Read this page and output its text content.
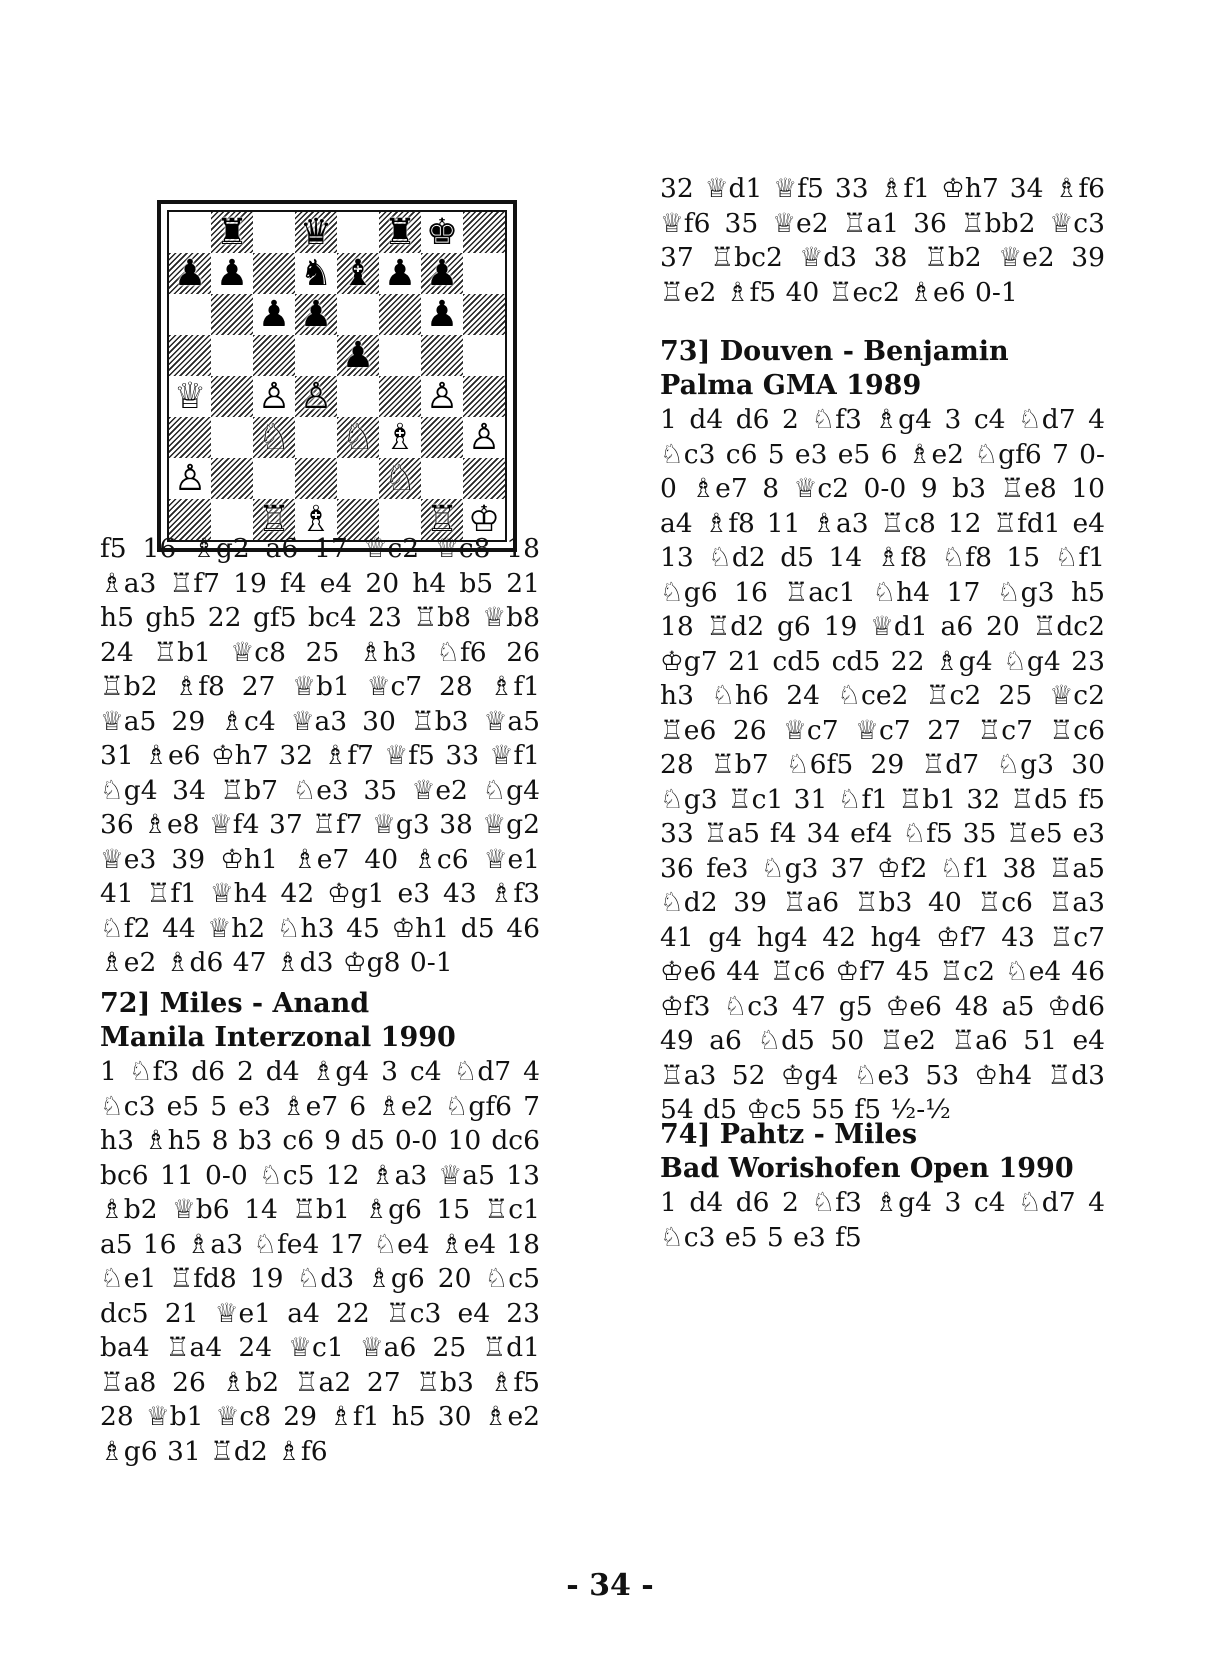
♜ ♛ ♜ ♚
♟ ♟ ♞ ♝ ♟ ♟
♟ ♟	♟
♟
♕ ♙ ♙	♙
♘ ♘ ♗ ♙
♙	♘
♖ ♗	♖ ♔

f5 16 ♗g2 a6 17 ♕c2 ♕c8 18 ♗a3 ♖f7 19 f4 e4 20 h4 b5 21 h5 gh5 22 gf5 bc4 23 ♖b8 ♕b8 24 ♖b1 ♕c8 25 ♗h3 ♘f6 26 ♖b2 ♗f8 27 ♕b1 ♕c7 28 ♗f1 ♕a5 29 ♗c4 ♕a3 30 ♖b3 ♕a5 31 ♗e6 ♔h7 32 ♗f7 ♕f5 33 ♕f1 ♘g4 34 ♖b7 ♘e3 35 ♕e2 ♘g4 36 ♗e8 ♕f4 37 ♖f7 ♕g3 38 ♕g2 ♕e3 39 ♔h1 ♗e7 40 ♗c6 ♕e1 41 ♖f1 ♕h4 42 ♔g1 e3 43 ♗f3 ♘f2 44 ♕h2 ♘h3 45 ♔h1 d5 46 ♗e2 ♗d6 47 ♗d3 ♔g8 0-1

72] Miles - Anand

Manila Interzonal 1990

1 ♘f3 d6 2 d4 ♗g4 3 c4 ♘d7 4 ♘c3 e5 5 e3 ♗e7 6 ♗e2 ♘gf6 7 h3 ♗h5 8 b3 c6 9 d5 0-0 10 dc6 bc6 11 0-0 ♘c5 12 ♗a3 ♕a5 13 ♗b2 ♕b6 14 ♖b1 ♗g6 15 ♖c1 a5 16 ♗a3 ♘fe4 17 ♘e4 ♗e4 18 ♘e1 ♖fd8 19 ♘d3 ♗g6 20 ♘c5 dc5 21 ♕e1 a4 22 ♖c3 e4 23 ba4 ♖a4 24 ♕c1 ♕a6 25 ♖d1 ♖a8 26 ♗b2 ♖a2 27 ♖b3 ♗f5 28 ♕b1 ♕c8 29 ♗f1 h5 30 ♗e2 ♗g6 31 ♖d2 ♗f6

32 ♕d1 ♕f5 33 ♗f1 ♔h7 34 ♗f6 ♕f6 35 ♕e2 ♖a1 36 ♖bb2 ♕c3 37 ♖bc2 ♕d3 38 ♖b2 ♕e2 39 ♖e2 ♗f5 40 ♖ec2 ♗e6 0-1

73] Douven - Benjamin

Palma GMA 1989

1 d4 d6 2 ♘f3 ♗g4 3 c4 ♘d7 4 ♘c3 c6 5 e3 e5 6 ♗e2 ♘gf6 7 0-0 ♗e7 8 ♕c2 0-0 9 b3 ♖e8 10 a4 ♗f8 11 ♗a3 ♖c8 12 ♖fd1 e4 13 ♘d2 d5 14 ♗f8 ♘f8 15 ♘f1 ♘g6 16 ♖ac1 ♘h4 17 ♘g3 h5 18 ♖d2 g6 19 ♕d1 a6 20 ♖dc2 ♔g7 21 cd5 cd5 22 ♗g4 ♘g4 23 h3 ♘h6 24 ♘ce2 ♖c2 25 ♕c2 ♖e6 26 ♕c7 ♕c7 27 ♖c7 ♖c6 28 ♖b7 ♘6f5 29 ♖d7 ♘g3 30 ♘g3 ♖c1 31 ♘f1 ♖b1 32 ♖d5 f5 33 ♖a5 f4 34 ef4 ♘f5 35 ♖e5 e3 36 fe3 ♘g3 37 ♔f2 ♘f1 38 ♖a5 ♘d2 39 ♖a6 ♖b3 40 ♖c6 ♖a3 41 g4 hg4 42 hg4 ♔f7 43 ♖c7 ♔e6 44 ♖c6 ♔f7 45 ♖c2 ♘e4 46 ♔f3 ♘c3 47 g5 ♔e6 48 a5 ♔d6 49 a6 ♘d5 50 ♖e2 ♖a6 51 e4 ♖a3 52 ♔g4 ♘e3 53 ♔h4 ♖d3 54 d5 ♔c5 55 f5 ½-½

74] Pahtz - Miles

Bad Worishofen Open 1990

1 d4 d6 2 ♘f3 ♗g4 3 c4 ♘d7 4 ♘c3 e5 5 e3 f5

- 34 -
